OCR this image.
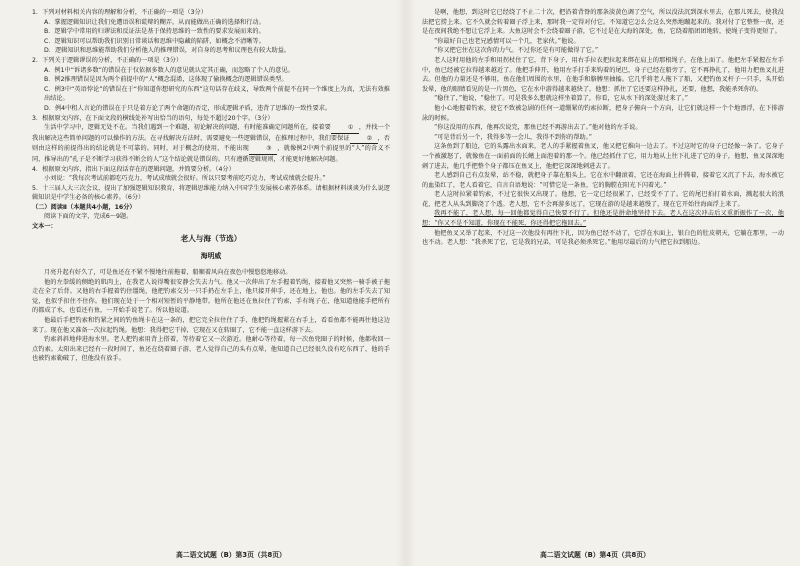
1．下列对材料相关内容的理解和分析，不正确的一项是（3分）

A．掌握逻辑知识让我们免遭语误和谎辩的糊弄，从而能做出正确的选择和行动。

B．逻辑学中常用的归谬法和反证法是基于保持思维的一致性的要求发展而来的。

C．逻辑知识可以帮助我们识别日常谈话和思维中隐藏的陷阱，如概念不清晰等。

D．逻辑知识和思维能帮助我们分析他人的推理错误，对自身的思考和议理也有较大助益。

2．下列关于逻辑谬误的分析，不正确的一项是（3分）

A．例1中“诉诸多数”的错误在于仅依据多数人的意见就认定其正确，而忽略了个人的意见。

B．例2推理错误是因为两个前提中的“人”概念混淆，这体现了偷换概念的逻辑错误类型。

C．例3中“英语悖论”的错误在于“你知道你想研究的东西”这句话存在歧义，导致两个前提不在同一个维度上为真，无法有效推出结论。

D．例4中租人言论的错误在于只是着方论了两个命题的否定，形成逻辑矛盾，违背了思维的一致性要求。

3．根据原文内容，在下面文段的横线处补写出恰当的语句，每处不超过20个字。（3分）

生活中学习中，逻辑无处不在。当我们遇到一个难题，初论解决的问题，有时能准确定问题所在，接着要	① ，并找一个我出解决这些简单问题的可以操作的方法。在寻找解决方法时，需要避免一些逻辑错误，在推理过程中，我们要保证	② ，否则由这样的前提得出的结论就是不可靠的。同时，对于概念的使用，不能出现	③ ，就像例2中两个前提里的“人”的含义不同，推导出的“孔子是不断学习获得不断会的人”这个结论就是错误的。只有遵循逻辑规则，才能更好地解决问题。

4．根据原文内容，指出下面这段话存在的逻辑问题，并简要分析。（4分）

小刘说：“我每次考试前都吃巧克力，考试成绩就会很好。所以只要考前吃巧克力，考试成绩就会提升。”

5．十三届人大三次会议，提出了加强逻辑知识教育，将逻辑思维能力纳入中国学生发展核心素养体系。请根据材料谈谈为什么说逻辑知识是中学生必备的核心素养。（6分）

（二）阅读Ⅱ（本题共4小题，16分）

阅读下面的文字，完成6～9题。

文本一：

老人与海（节选）

海明威

月亮升起有好久了，可是鱼还在不紧不慢地往前拖着，船顺着风向在夜色中慢悠悠地移动。

他的左拳缓的侧绝的肌肉上，在我老人说得嘴很安静会失去力气。他又一次伸出了左手握着钓绳，接着他又突然一骑手被子拖走在全了后背。又他的右手握着钓住缰绳，他把钓索交另一只手扔在左手上，他只接开伸手，还在地上，他也。他的左手失去了知觉，也似乎扣住不住你。他们现在处于一个相对短暂的平静地带。他所在他还在鱼拉住了钓索，手有绳子在，他知道他能手把所有的都成了水，也看还有鱼，一开始手说老了。所以他说道。

他最后手把钓索和钓紧之间的钓鱼绳卡在这一条的，把它完全拉住住了手，他把钓绳握紧在右手上，看看鱼都不能再往他这边来了。现在他又准备一次拉起钓绳。他想：我得把它干掉，它现在又在转圈了，它不能一直这样游下去。

钓索斜斜地伸进海水里。老人把钓索用背上搭着，等待着它又一次游近。他耐心等待着，每一次鱼兜圈子的时候，他都收回一点钓索。太阳出来已经有一段时间了，鱼还在绕着圈子游，老人觉得自己的头有点晕，他知道自己已经很久没有吃东西了，他的手也被钓索勒破了，但他没有放手。

是啊，他想，到这时它已经绕了不止二十次，把沿着背脊的那条淡黄色调了空气，所以没法沉到深水里去，在那儿死去，使我没法把它捞上来。它不久就会转着圈子浮上来，那时我一定得对付它。不知道它怎么会这么突然地蹦起来的。我对付了它整整一夜，还是在夜间我绝不想让它浮上来。大鱼这时会不会绕着圈子游，它不过是在大海的深处，鱼，它绕着船团团地转，使绳子变得更短了。

“你最好自己也老兄感情可以一个几，老家伙。”他说。

“你又把它住在这次你的力气。不过你还是有可能做得了它。”

老人这时用他的左手和用拐杖住了它，背下身子，用右手拉衣把拉起来绑在肩上的那根绳子，在他上面了。他把左手紧握在左手中，鱼已经被它拉得越来越近了。他把手伸开，他用左手打手来钩着的尾巴，身子已经在船旁了，它不再挣扎了，他用力把鱼叉扎进去。但他的力量还是不够用，鱼在他们周围的水里，在他手和胳膊里抽搐。它几乎将老人拖下了船，又把钓鱼叉杆子一只手，头开始发晕，他的眼睛看见的是一片黑色，它在水中游得越来越快了，他想：抓住了它还要这样挣扎，还要，他想，我能杀死你的。

“稳住了，”他说，“稳住了。可是我多么想就这样坐着算了，你看，它从水下的深处游过来了。”

他小心地握着钓索，使它不致被急剧的任何一道绷紧的钓索拉断，把身子俯向一个方向，让它们就这样一个个地漂浮，在下排游泳的时候。

“你这没用的东西，他再次说完，那鱼已经不再游出去了。”他对他的左手说。

“可是背后另一个，我得多等一会儿，我得不到你的帮助。”

这条鱼到了船边，它的头露出水面来，老人的手紧握着鱼叉，他又把它推向一边去了。不过这时它的身子已经像一条了。它身子一个被激怒了，就像鱼在一面前面的长鳍上面泡着的那一个。他已经抓住了它，用力地从上往下扎进了它的身子，他想，鱼叉深深地刺了进去，他几乎把整个身子都压在鱼叉上，他把它深深地刺进去了。

老人感到自己有点发晕，站不稳，就把身子靠在船头上，它在水中翻滚着，它还在海面上扑腾着，接着它又沉了下去，海水被它的血染红了，老人看着它，自言自语地说：“可惜它是一条鱼，它的胸膛在阳光下闪着光。”

老人这时拉紧着钓索，不过它很快又出现了。他想，它一定已经很累了，已经受不了了。它的尾巴拍打着水面，溅起很大的浪花，把老人从头到脚浇了个透。老人想，它不会再游多远了，它现在游的是越来越慢了，现在它开始往海面浮上来了。

我再不能了，老人想，每一回他都觉得自己快要不行了。但他还是拼命地坚持下去。老人在这次冲击后又重新振作了一次，他想：“你又不是不知道，你现在不能死，你还得把它拖回去。”

他把鱼叉又举了起来，不过这一次他没有再往下扎，因为鱼已经不动了，它浮在水面上，银白色的肚皮朝天，它躺在那里，一动也不动。老人想：“我杀死了它，它是我的兄弟，可是我必须杀死它。”他用尽最后的力气把它拉到船边。

高二语文试题（B）第3页（共8页）	高二语文试题（B）第4页（共8页）
